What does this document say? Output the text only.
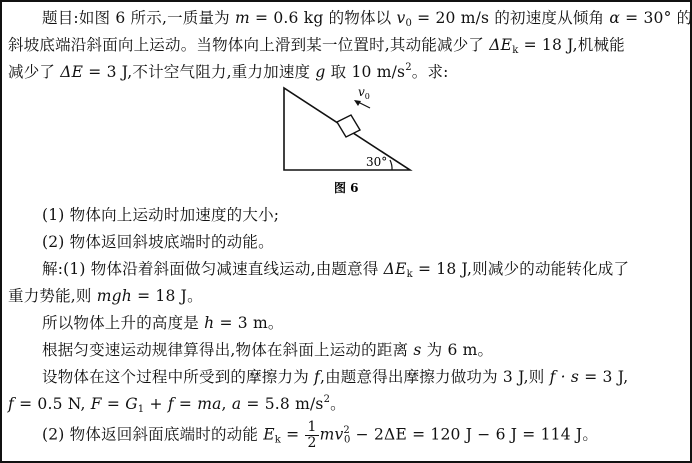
题目:如图 6 所示,一质量为 m = 0.6 kg 的物体以 $v_0 = 20$ m/s 的初速度从倾角 α = 30° 的
斜坡底端沿斜面向上运动。当物体向上滑到某一位置时,其动能减少了 $\Delta E_k = 18$ J,机械能
减少了 ΔE = 3 J,不计空气阻力,重力加速度 g 取 10 $m/s^2$。求:
$v_0$
30°
图 6
(1) 物体向上运动时加速度的大小;
(2) 物体返回斜坡底端时的动能。
解:(1) 物体沿着斜面做匀减速直线运动,由题意得 $\Delta E_k = 18$ J,则减少的动能转化成了
重力势能,则 mgh = 18 J。
所以物体上升的高度是 h = 3 m。
根据匀变速运动规律算得出,物体在斜面上运动的距离 s 为 6 m。
设物体在这个过程中所受到的摩擦力为 f,由题意得出摩擦力做功为 3 J,则 f · s = 3 J,
f = 0.5 N, $F = G_1 + f$ = ma, a = 5.8 $m/s^2$。
(2) 物体返回斜面底端时的动能 $E_k = \frac{1}{2} mv^2_0 - 2\Delta E = 120$ J − 6 J = 114 J。
